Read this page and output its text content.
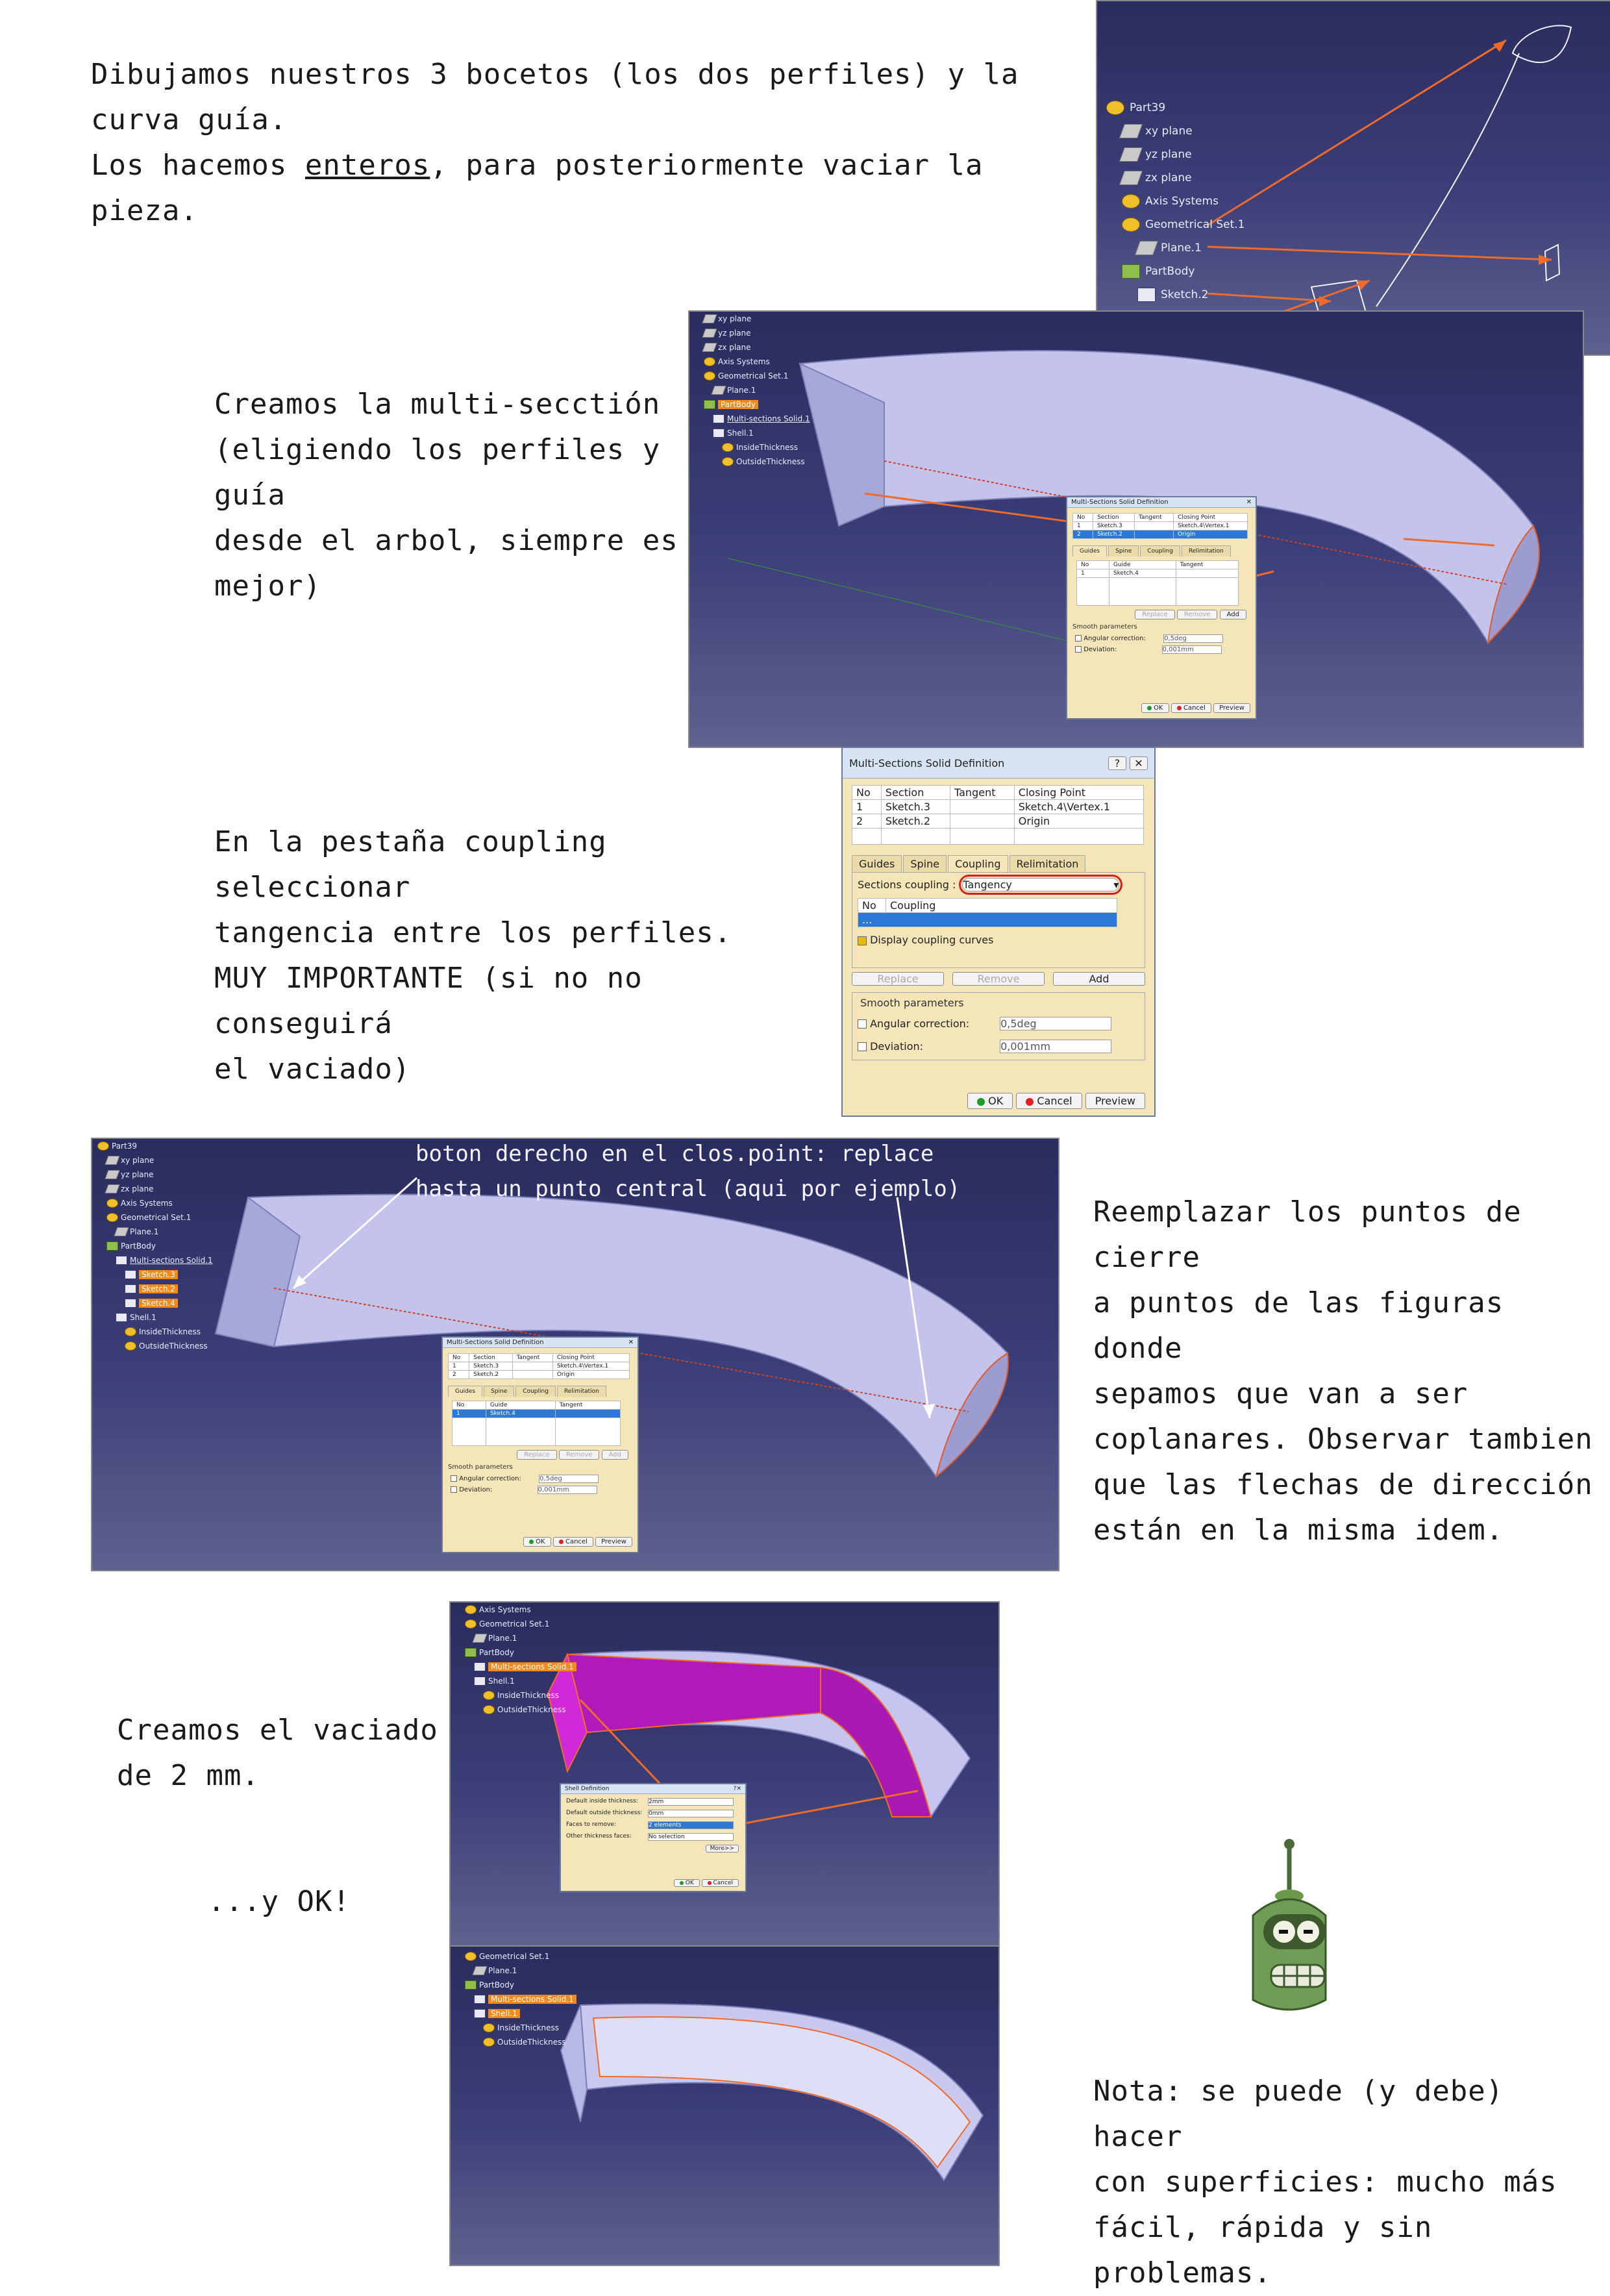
Dibujamos nuestros 3 bocetos (los dos perfiles) y la curva guía.

Los hacemos enteros, para posteriormente vaciar la pieza.

Part39
xy plane
yz plane
zx plane
Axis Systems
Geometrical Set.1
Plane.1
PartBody
Sketch.2

Creamos la multi-secctión

(eligiendo los perfiles y guía

desde el arbol, siempre es

mejor)

xy plane
yz plane
zx plane
Axis Systems
Geometrical Set.1
Plane.1
PartBody
Multi-sections Solid.1
Shell.1
InsideThickness
OutsideThickness
Multi-Sections Solid Definition	✕
No	Section	Tangent	Closing Point
1	Sketch.3		Sketch.4\Vertex.1
2	Sketch.2		Origin
Guides	Spine	Coupling	Relimitation
No	Guide	Tangent
1	Sketch.4	

Replace	Remove	Add
Smooth parameters
Angular correction:	0,5deg
Deviation:	0,001mm
OK	Cancel Preview

En la pestaña coupling seleccionar

tangencia entre los perfiles.

MUY IMPORTANTE (si no no conseguirá

el vaciado)

Multi-Sections Solid Definition	? ✕
No	Section	Tangent	Closing Point
1	Sketch.3		Sketch.4\Vertex.1
2	Sketch.2		Origin

Guides	Spine	Coupling	Relimitation
Sections coupling : Tangency	▾
No	Coupling
...
Display coupling curves
Replace	Remove	Add
Smooth parameters

Angular correction:	0,5deg

Deviation:	0,001mm
OK	Cancel Preview
boton derecho en el clos.point: replace
hasta un punto central (aqui por ejemplo)
Part39
xy plane
yz plane
zx plane
Axis Systems
Geometrical Set.1
Plane.1
PartBody
Multi-sections Solid.1
Sketch.3
Sketch.2
Sketch.4
Shell.1
InsideThickness
OutsideThickness	Multi-Sections Solid Definition	✕
No	Section	Tangent	Closing Point
1	Sketch.3		Sketch.4\Vertex.1
2	Sketch.2		Origin
Guides	Spine	Coupling	Relimitation
No	Guide	Tangent
1	Sketch.4	

Replace	Remove	Add
Smooth parameters
Angular correction:	0,5deg
Deviation:	0,001mm
OK	Cancel Preview

Reemplazar los puntos de cierre

a puntos de las figuras donde

sepamos que van a ser

coplanares. Observar tambien

que las flechas de dirección

están en la misma idem.

Creamos el vaciado

de 2 mm.

...y OK!
Axis Systems
Geometrical Set.1
Plane.1
PartBody
Multi-sections Solid.1
Shell.1
InsideThickness
OutsideThickness
Shell Definition	?✕
Default inside thickness:	2mm
Default outside thickness:	0mm
Faces to remove:	2 elements
Other thickness faces:	No selection
More>>
OK	Cancel
Geometrical Set.1
Plane.1
PartBody
Multi-sections Solid.1
Shell.1
InsideThickness
OutsideThickness

Nota: se puede (y debe) hacer

con superficies: mucho más

fácil, rápida y sin problemas.
